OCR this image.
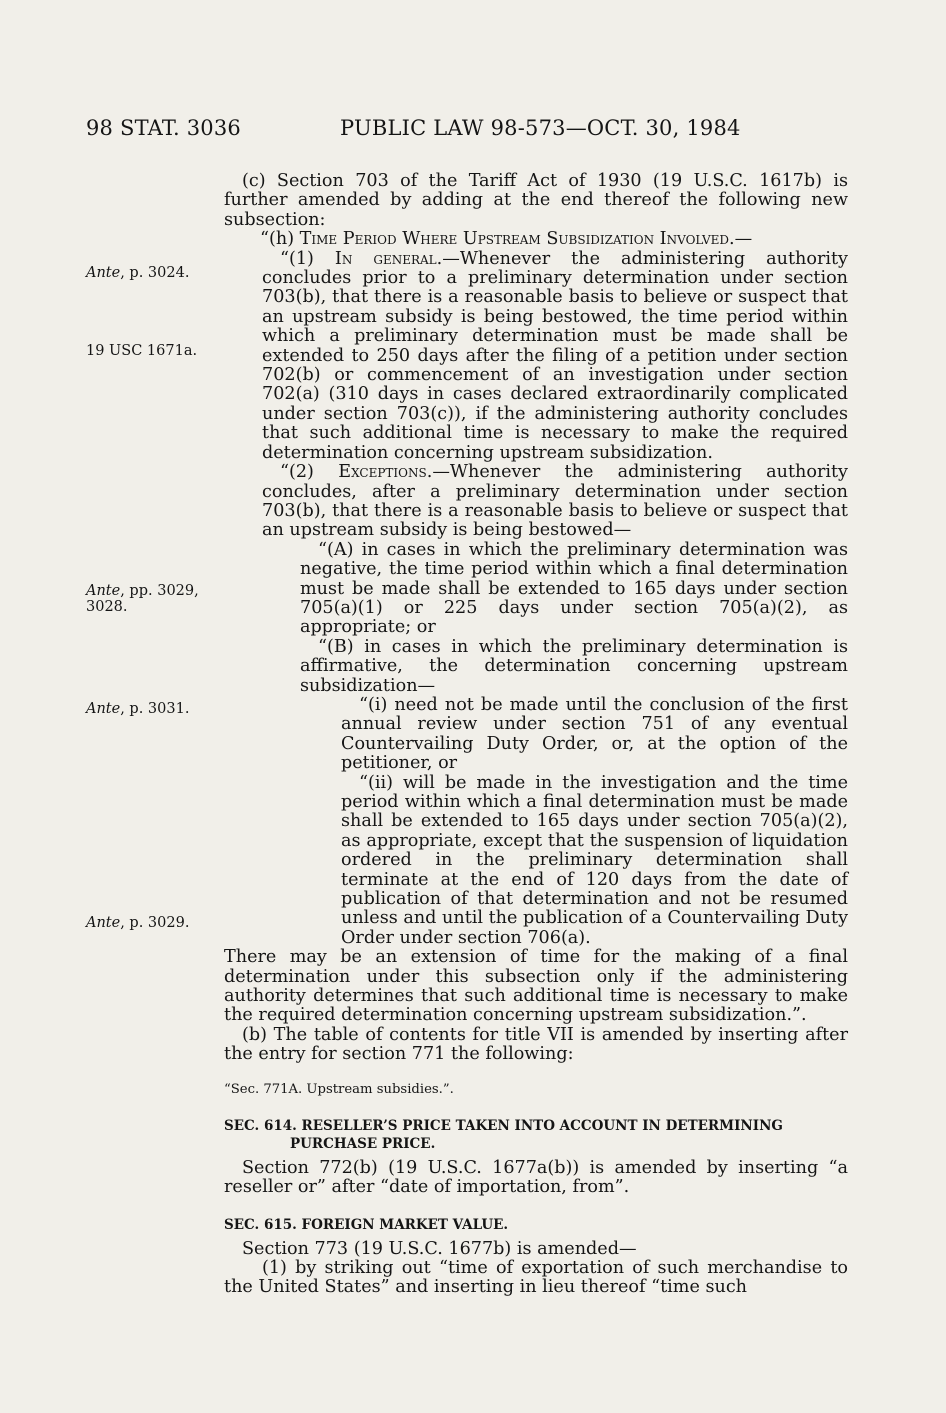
98 STAT. 3036	PUBLIC LAW 98-573—OCT. 30, 1984
Ante, p. 3024.
19 USC 1671a.
Ante, pp. 3029,
3028.
Ante, p. 3031.
Ante, p. 3029.

(c) Section 703 of the Tariff Act of 1930 (19 U.S.C. 1617b) is further amended by adding at the end thereof the following new subsection:

“(h) Time Period Where Upstream Subsidization Involved.—

“(1) In general.—Whenever the administering authority concludes prior to a preliminary determination under section 703(b), that there is a reasonable basis to believe or suspect that an upstream subsidy is being bestowed, the time period within which a preliminary determination must be made shall be extended to 250 days after the filing of a petition under section 702(b) or commencement of an investigation under section 702(a) (310 days in cases declared extraordinarily complicated under section 703(c)), if the administering authority concludes that such additional time is necessary to make the required determination concerning upstream subsidization.

“(2) Exceptions.—Whenever the administering authority concludes, after a preliminary determination under section 703(b), that there is a reasonable basis to believe or suspect that an upstream subsidy is being bestowed—

“(A) in cases in which the preliminary determination was negative, the time period within which a final determination must be made shall be extended to 165 days under section 705(a)(1) or 225 days under section 705(a)(2), as appropriate; or

“(B) in cases in which the preliminary determination is affirmative, the determination concerning upstream subsidization—

“(i) need not be made until the conclusion of the first annual review under section 751 of any eventual Countervailing Duty Order, or, at the option of the petitioner, or

“(ii) will be made in the investigation and the time period within which a final determination must be made shall be extended to 165 days under section 705(a)(2), as appropriate, except that the suspension of liquidation ordered in the preliminary determination shall terminate at the end of 120 days from the date of publication of that determination and not be resumed unless and until the publication of a Countervailing Duty Order under section 706(a).

There may be an extension of time for the making of a final determination under this subsection only if the administering authority determines that such additional time is necessary to make the required determination concerning upstream subsidization.”.

(b) The table of contents for title VII is amended by inserting after the entry for section 771 the following:

“Sec. 771A. Upstream subsidies.”.

SEC. 614. RESELLER’S PRICE TAKEN INTO ACCOUNT IN DETERMINING
PURCHASE PRICE.

Section 772(b) (19 U.S.C. 1677a(b)) is amended by inserting “a reseller or” after “date of importation, from”.

SEC. 615. FOREIGN MARKET VALUE.

Section 773 (19 U.S.C. 1677b) is amended—

(1) by striking out “time of exportation of such merchandise to the United States” and inserting in lieu thereof “time such
